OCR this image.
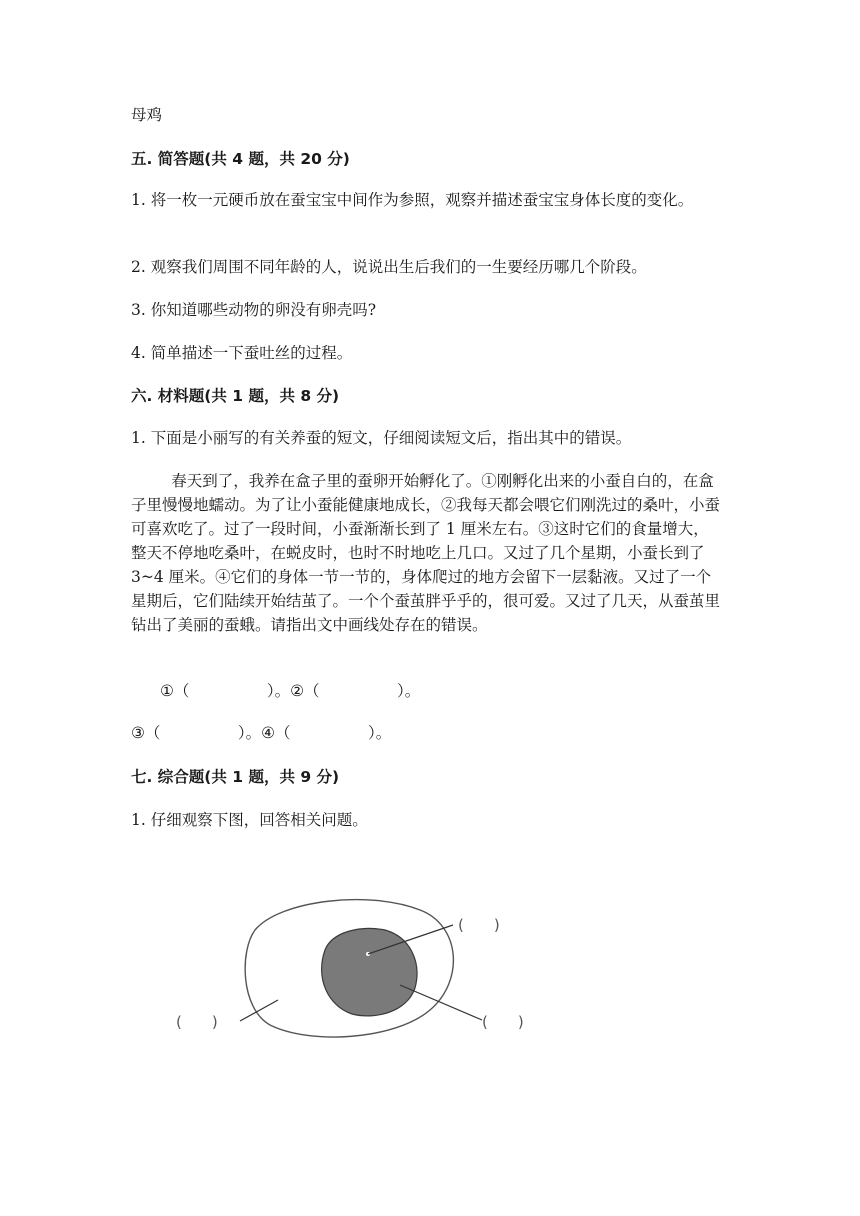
母鸡

五. 简答题(共 4 题，共 20 分)

1. 将一枚一元硬币放在蚕宝宝中间作为参照，观察并描述蚕宝宝身体长度的变化。

2. 观察我们周围不同年龄的人，说说出生后我们的一生要经历哪几个阶段。

3. 你知道哪些动物的卵没有卵壳吗?

4. 简单描述一下蚕吐丝的过程。

六. 材料题(共 1 题，共 8 分)

1. 下面是小丽写的有关养蚕的短文，仔细阅读短文后，指出其中的错误。

春天到了，我养在盒子里的蚕卵开始孵化了。①刚孵化出来的小蚕自白的，在盒子里慢慢地蠕动。为了让小蚕能健康地成长，②我每天都会喂它们刚洗过的桑叶，小蚕可喜欢吃了。过了一段时间，小蚕渐渐长到了 1 厘米左右。③这时它们的食量增大，整天不停地吃桑叶，在蜕皮时，也时不时地吃上几口。又过了几个星期，小蚕长到了 3~4 厘米。④它们的身体一节一节的，身体爬过的地方会留下一层黏液。又过了一个星期后，它们陆续开始结茧了。一个个蚕茧胖乎乎的，很可爱。又过了几天，从蚕茧里钻出了美丽的蚕蛾。请指出文中画线处存在的错误。

①（　　　　　）。②（　　　　　）。

③（　　　　　）。④（　　　　　）。

七. 综合题(共 1 题，共 9 分)

1. 仔细观察下图，回答相关问题。

(　　)
(　　)	(　　)
